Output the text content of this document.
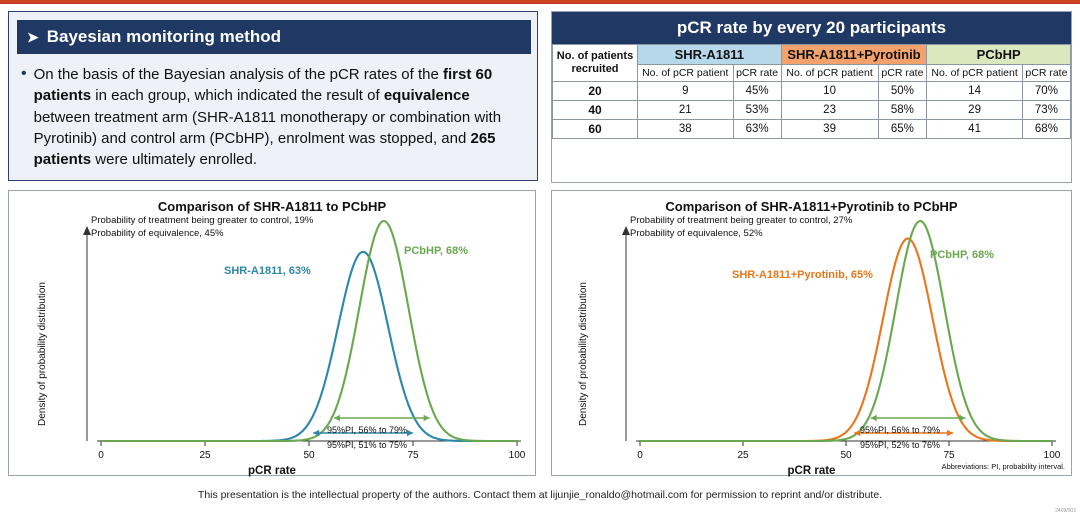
➤ Bayesian monitoring method
• On the basis of the Bayesian analysis of the pCR rates of the first 60 patients in each group, which indicated the result of equivalence between treatment arm (SHR-A1811 monotherapy or combination with Pyrotinib) and control arm (PCbHP), enrolment was stopped, and 265 patients were ultimately enrolled.
pCR rate by every 20 participants
No. of patients recruited	SHR-A1811		SHR-A1811+Pyrotinib		PCbHP	
	No. of pCR patient	pCR rate	No. of pCR patient	pCR rate	No. of pCR patient	pCR rate
20	9	45%	10	50%	14	70%
40	21	53%	23	58%	29	73%
60	38	63%	39	65%	41	68%
Comparison of SHR-A1811 to PCbHP
0	25	50	75	100
Probability of treatment being greater to control, 19%
Probability of equivalence, 45%
SHR-A1811, 63%
PCbHP, 68%
95%PI, 51% to 75%
95%PI, 56% to 79%
Density of probability distribution
pCR rate
Comparison of SHR-A1811+Pyrotinib to PCbHP
0	25	50	75	100
Probability of treatment being greater to control, 27%
Probability of equivalence, 52%
SHR-A1811+Pyrotinib, 65%
PCbHP, 68%
95%PI, 52% to 76%
95%PI, 56% to 79%
Density of probability distribution
pCR rate	Abbreviations: PI, probability interval.
This presentation is the intellectual property of the authors. Contact them at lijunjie_ronaldo@hotmail.com for permission to reprint and/or distribute.
2409/002
